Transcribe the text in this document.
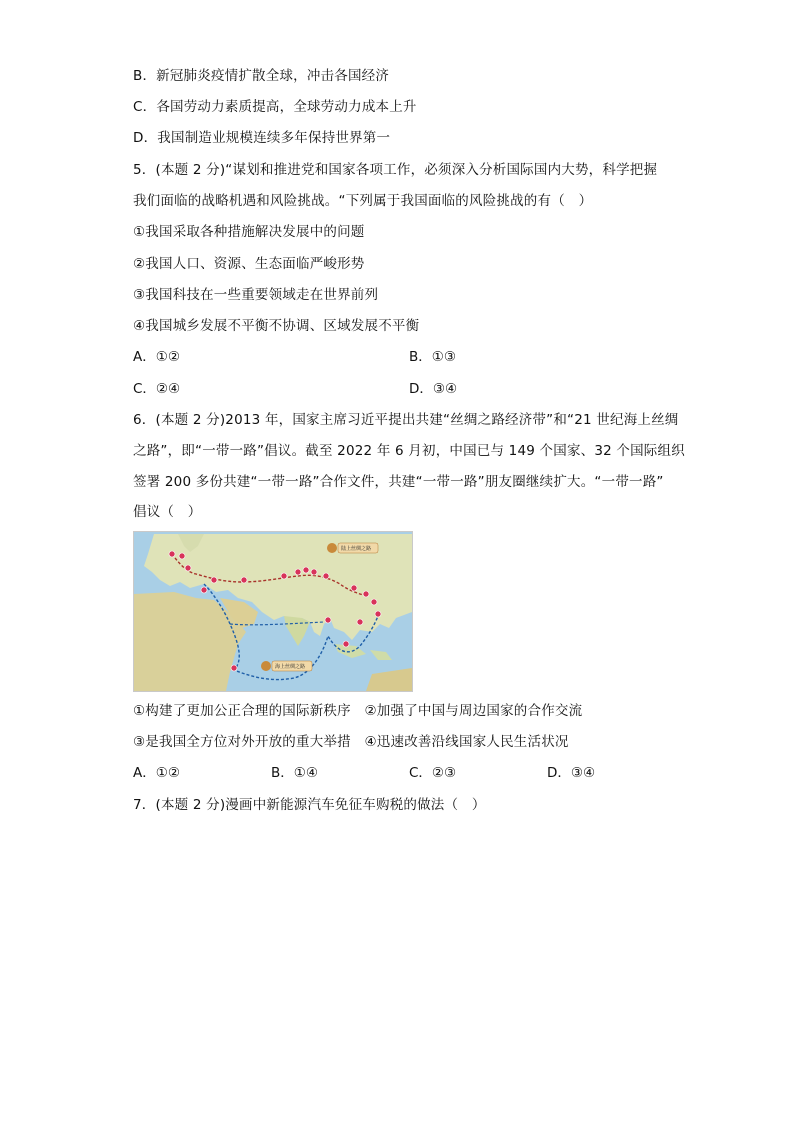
B．新冠肺炎疫情扩散全球，冲击各国经济
C．各国劳动力素质提高，全球劳动力成本上升
D．我国制造业规模连续多年保持世界第一
5．(本题 2 分)“谋划和推进党和国家各项工作，必须深入分析国际国内大势，科学把握
我们面临的战略机遇和风险挑战。“下列属于我国面临的风险挑战的有（　）
①我国采取各种措施解决发展中的问题
②我国人口、资源、生态面临严峻形势
③我国科技在一些重要领域走在世界前列
④我国城乡发展不平衡不协调、区域发展不平衡
A．①②	B．①③
C．②④	D．③④
6．(本题 2 分)2013 年，国家主席习近平提出共建“丝绸之路经济带”和“21 世纪海上丝绸
之路”，即“一带一路”倡议。截至 2022 年 6 月初，中国已与 149 个国家、32 个国际组织
签署 200 多份共建“一带一路”合作文件，共建“一带一路”朋友圈继续扩大。“一带一路”
倡议（　）
陆上丝绸之路
海上丝绸之路
①构建了更加公正合理的国际新秩序　②加强了中国与周边国家的合作交流
③是我国全方位对外开放的重大举措　④迅速改善沿线国家人民生活状况
A．①②	B．①④	C．②③	D．③④
7．(本题 2 分)漫画中新能源汽车免征车购税的做法（　）
